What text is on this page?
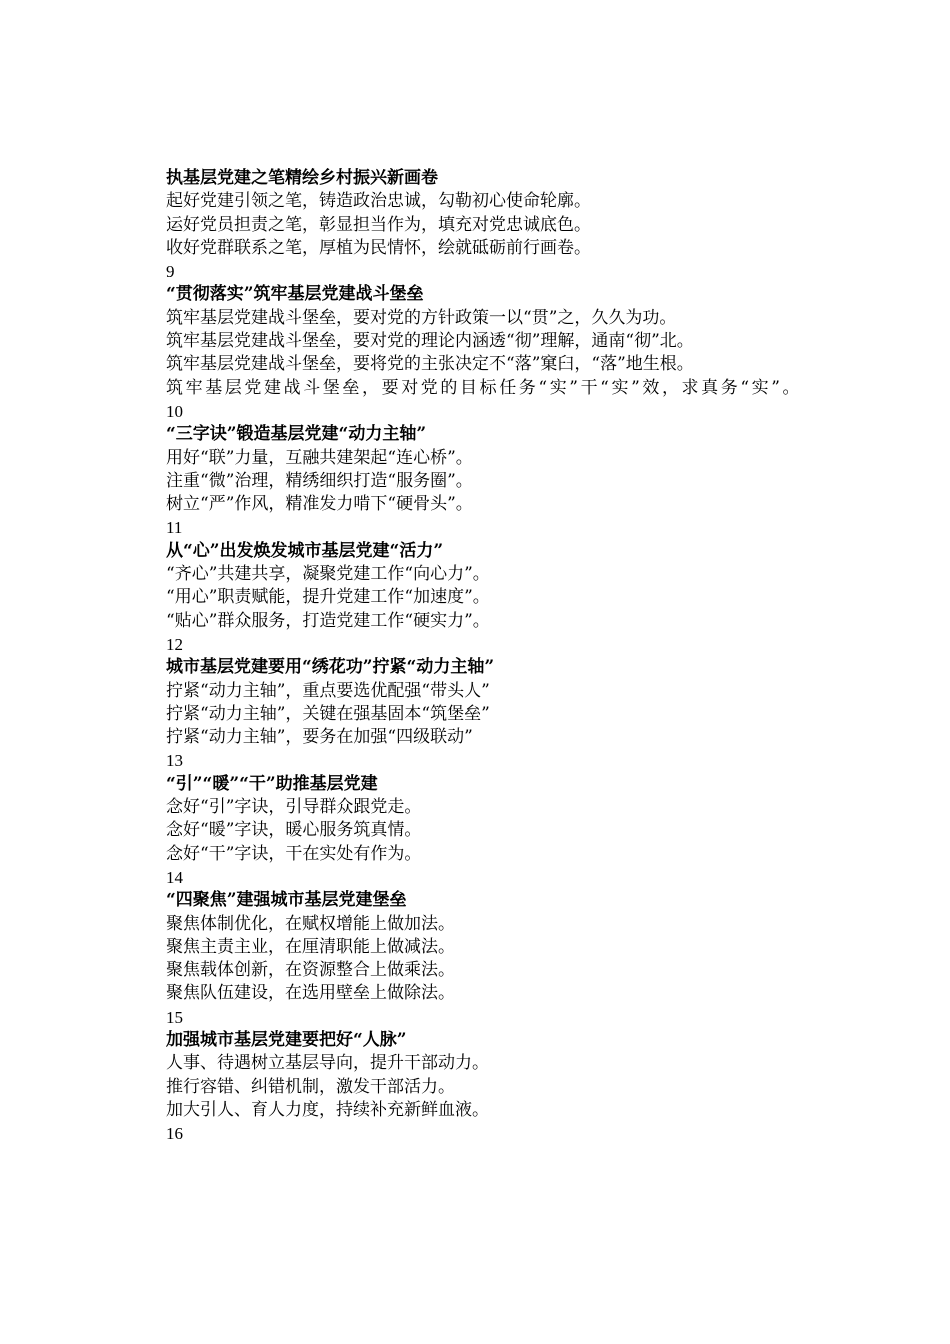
执基层党建之笔精绘乡村振兴新画卷
起好党建引领之笔，铸造政治忠诚，勾勒初心使命轮廓。
运好党员担责之笔，彰显担当作为，填充对党忠诚底色。
收好党群联系之笔，厚植为民情怀，绘就砥砺前行画卷。
9
“贯彻落实”筑牢基层党建战斗堡垒
筑牢基层党建战斗堡垒，要对党的方针政策一以“贯”之，久久为功。
筑牢基层党建战斗堡垒，要对党的理论内涵透“彻”理解，通南“彻”北。
筑牢基层党建战斗堡垒，要将党的主张决定不“落”窠臼，“落”地生根。
筑牢基层党建战斗堡垒，要对党的目标任务“实”干“实”效，求真务“实”。
10
“三字诀”锻造基层党建“动力主轴”
用好“联”力量，互融共建架起“连心桥”。
注重“微”治理，精绣细织打造“服务圈”。
树立“严”作风，精准发力啃下“硬骨头”。
11
从“心”出发焕发城市基层党建“活力”
“齐心”共建共享，凝聚党建工作“向心力”。
“用心”职责赋能，提升党建工作“加速度”。
“贴心”群众服务，打造党建工作“硬实力”。
12
城市基层党建要用“绣花功”拧紧“动力主轴”
拧紧“动力主轴”，重点要选优配强“带头人”
拧紧“动力主轴”，关键在强基固本“筑堡垒”
拧紧“动力主轴”，要务在加强“四级联动”
13
“引”“暖”“干”助推基层党建
念好“引”字诀，引导群众跟党走。
念好“暖”字诀，暖心服务筑真情。
念好“干”字诀，干在实处有作为。
14
“四聚焦”建强城市基层党建堡垒
聚焦体制优化，在赋权增能上做加法。
聚焦主责主业，在厘清职能上做减法。
聚焦载体创新，在资源整合上做乘法。
聚焦队伍建设，在选用壁垒上做除法。
15
加强城市基层党建要把好“人脉”
人事、待遇树立基层导向，提升干部动力。
推行容错、纠错机制，激发干部活力。
加大引人、育人力度，持续补充新鲜血液。
16
